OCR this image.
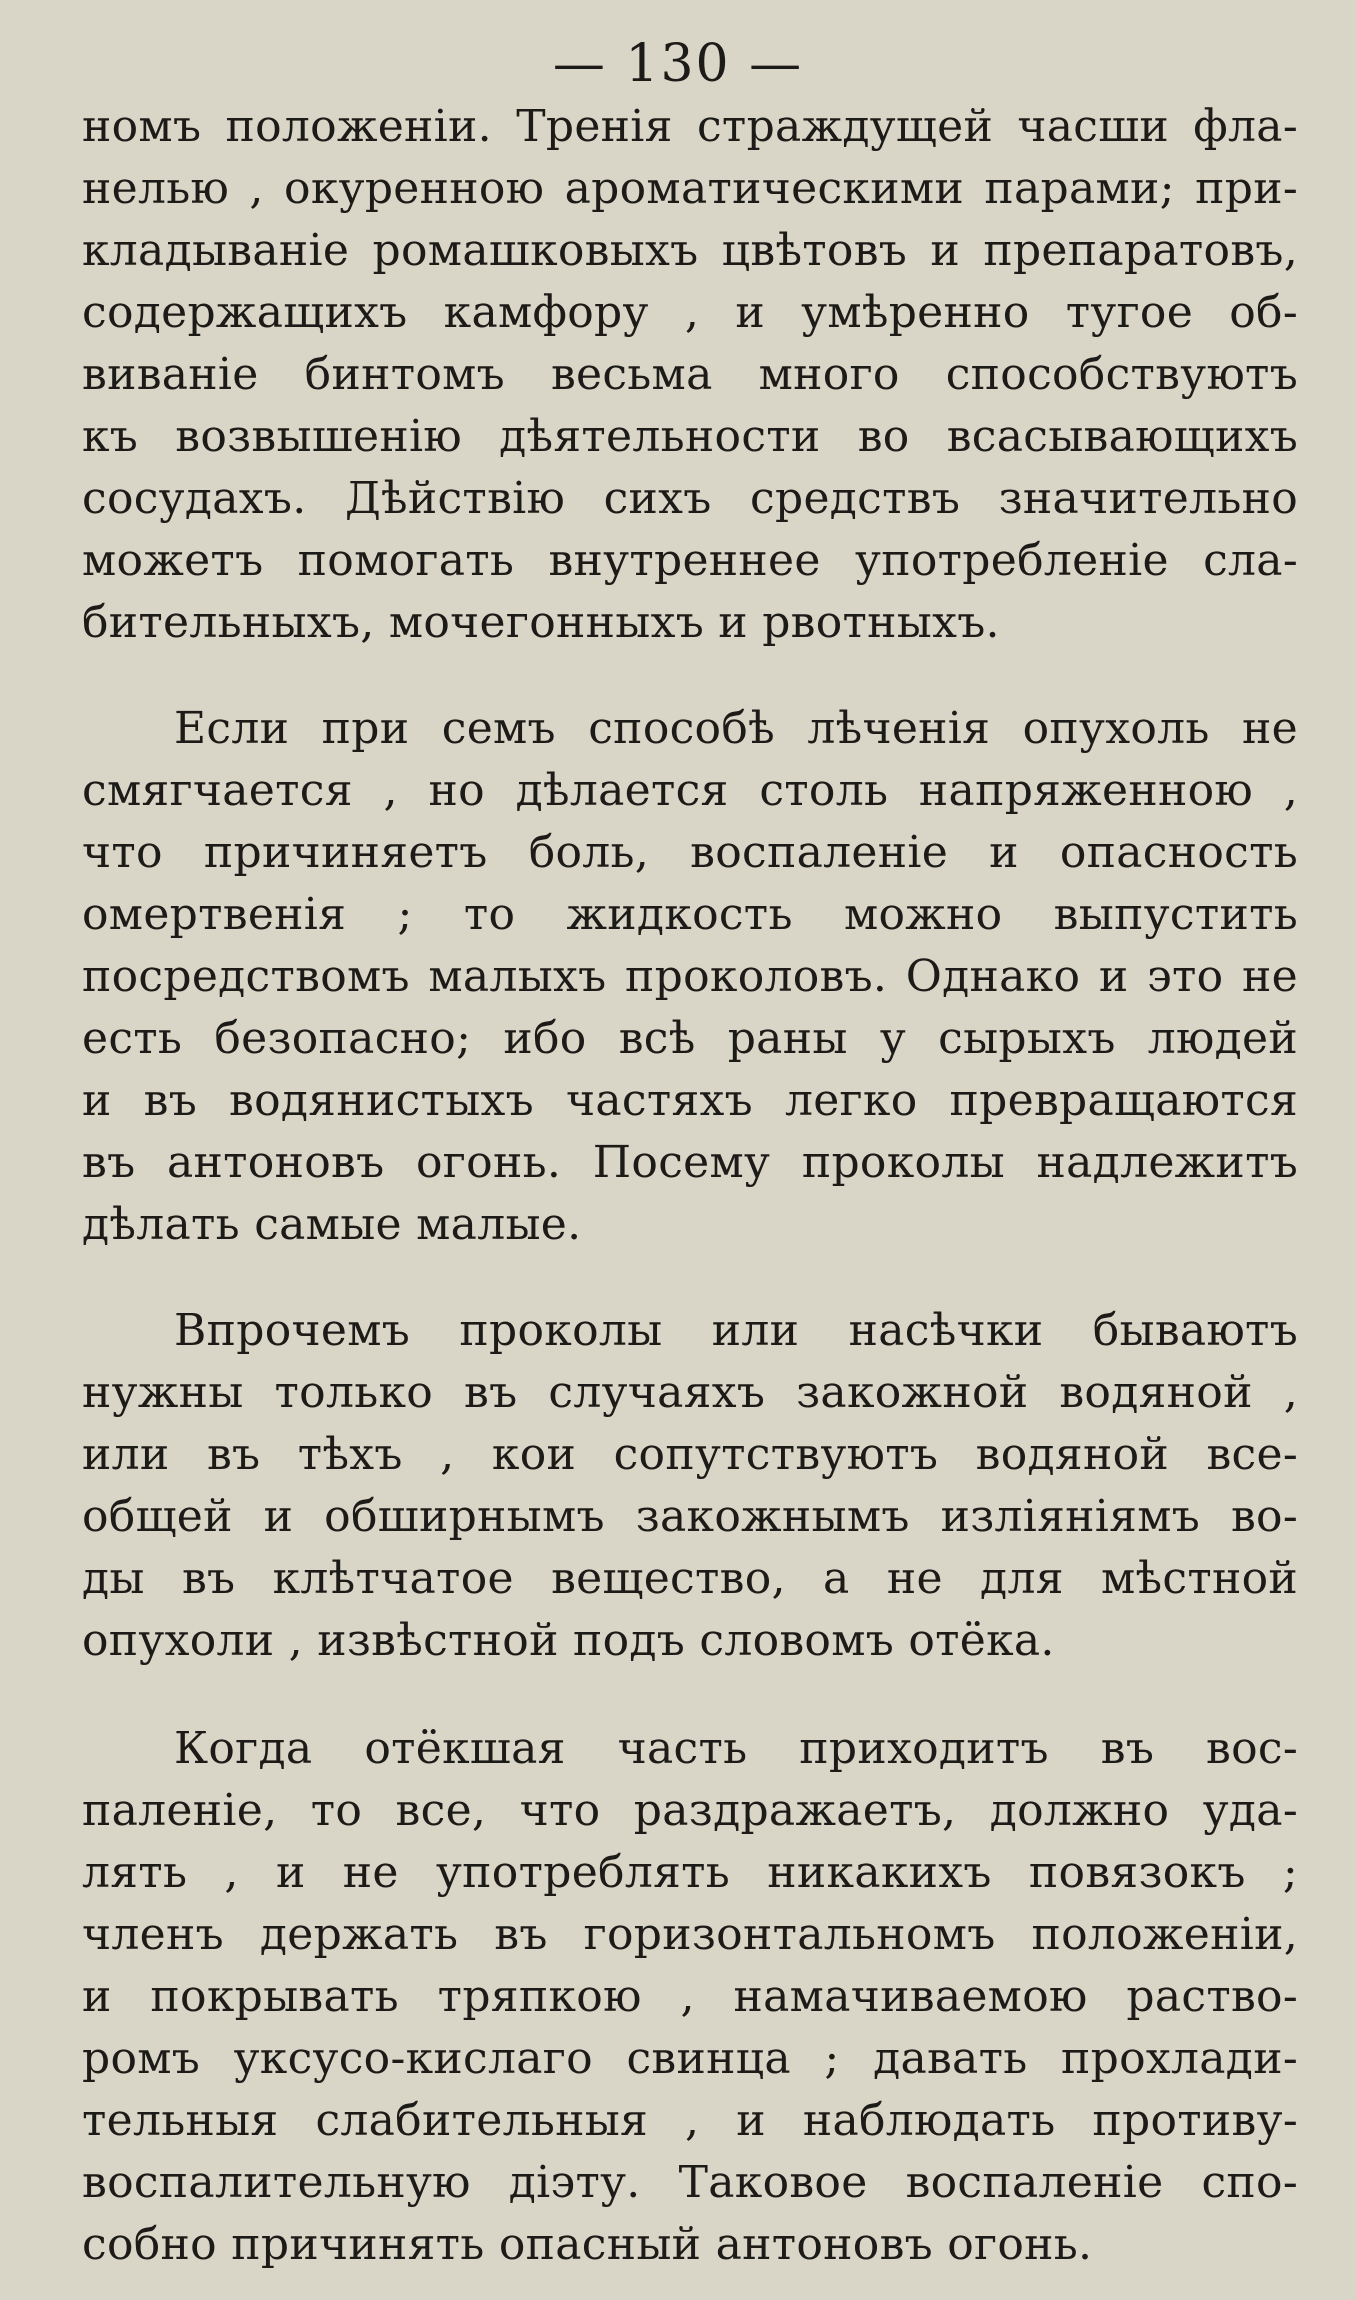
— 130 —
номъ положеніи. Тренія страждущей часши фла-
нелью , окуренною ароматическими парами; при-
кладываніе ромашковыхъ цвѣтовъ и препаратовъ,
содержащихъ камфору , и умѣренно тугое об-
виваніе бинтомъ весьма много способствуютъ
къ возвышенію дѣятельности во всасывающихъ
сосудахъ. Дѣйствію сихъ средствъ значительно
можетъ помогать внутреннее употребленіе сла-
бительныхъ, мочегонныхъ и рвотныхъ.
Если при семъ способѣ лѣченія опухоль не
смягчается , но дѣлается столь напряженною ,
что причиняетъ боль, воспаленіе и опасность
омертвенія ; то жидкость можно выпустить
посредствомъ малыхъ проколовъ. Однако и это не
есть безопасно; ибо всѣ раны у сырыхъ людей
и въ водянистыхъ частяхъ легко превращаются
въ антоновъ огонь. Посему проколы надлежитъ
дѣлать самые малые.
Впрочемъ проколы или насѣчки бываютъ
нужны только въ случаяхъ закожной водяной ,
или въ тѣхъ , кои сопутствуютъ водяной все-
общей и обширнымъ закожнымъ изліяніямъ во-
ды въ клѣтчатое вещество, а не для мѣстной
опухоли , извѣстной подъ словомъ отёка.
Когда отёкшая часть приходитъ въ вос-
паленіе, то все, что раздражаетъ, должно уда-
лять , и не употреблять никакихъ повязокъ ;
членъ держать въ горизонтальномъ положеніи,
и покрывать тряпкою , намачиваемою раство-
ромъ уксусо-кислаго свинца ; давать прохлади-
тельныя слабительныя , и наблюдать противу-
воспалительную діэту. Таковое воспаленіе спо-
собно причинять опасный антоновъ огонь.
